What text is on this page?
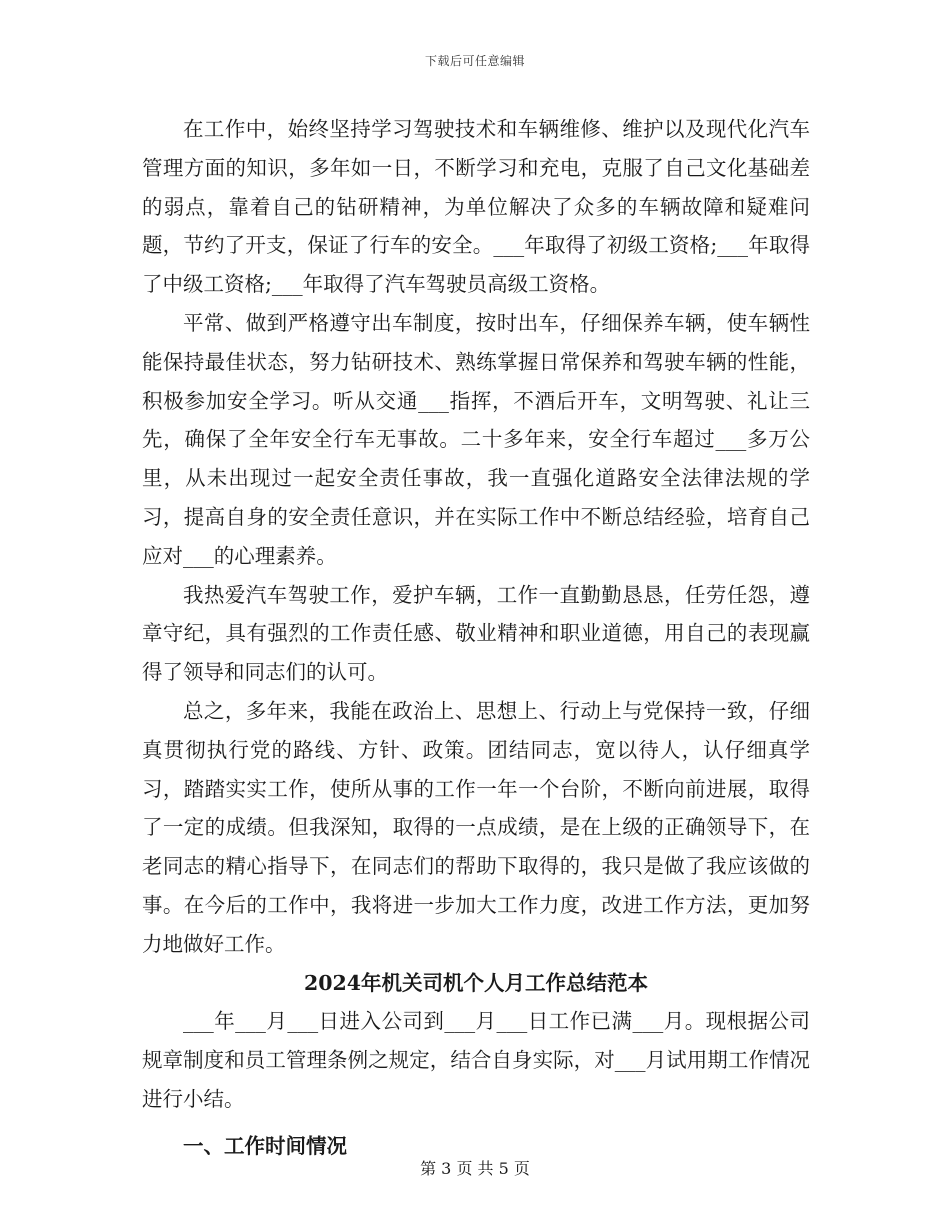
下载后可任意编辑

在工作中，始终坚持学习驾驶技术和车辆维修、维护以及现代化汽车管理方面的知识，多年如一日，不断学习和充电，克服了自己文化基础差的弱点，靠着自己的钻研精神，为单位解决了众多的车辆故障和疑难问题，节约了开支，保证了行车的安全。___年取得了初级工资格;___年取得了中级工资格;___年取得了汽车驾驶员高级工资格。

平常、做到严格遵守出车制度，按时出车，仔细保养车辆，使车辆性能保持最佳状态，努力钻研技术、熟练掌握日常保养和驾驶车辆的性能，积极参加安全学习。听从交通___指挥，不酒后开车，文明驾驶、礼让三先，确保了全年安全行车无事故。二十多年来，安全行车超过___多万公里，从未出现过一起安全责任事故，我一直强化道路安全法律法规的学习，提高自身的安全责任意识，并在实际工作中不断总结经验，培育自己应对___的心理素养。

我热爱汽车驾驶工作，爱护车辆，工作一直勤勤恳恳，任劳任怨，遵章守纪，具有强烈的工作责任感、敬业精神和职业道德，用自己的表现赢得了领导和同志们的认可。

总之，多年来，我能在政治上、思想上、行动上与党保持一致，仔细真贯彻执行党的路线、方针、政策。团结同志，宽以待人，认仔细真学习，踏踏实实工作，使所从事的工作一年一个台阶，不断向前进展，取得了一定的成绩。但我深知，取得的一点成绩，是在上级的正确领导下，在老同志的精心指导下，在同志们的帮助下取得的，我只是做了我应该做的事。在今后的工作中，我将进一步加大工作力度，改进工作方法，更加努力地做好工作。

2024年机关司机个人月工作总结范本

___年___月___日进入公司到___月___日工作已满___月。现根据公司规章制度和员工管理条例之规定，结合自身实际，对___月试用期工作情况进行小结。

一、工作时间情况

第 3 页 共 5 页
